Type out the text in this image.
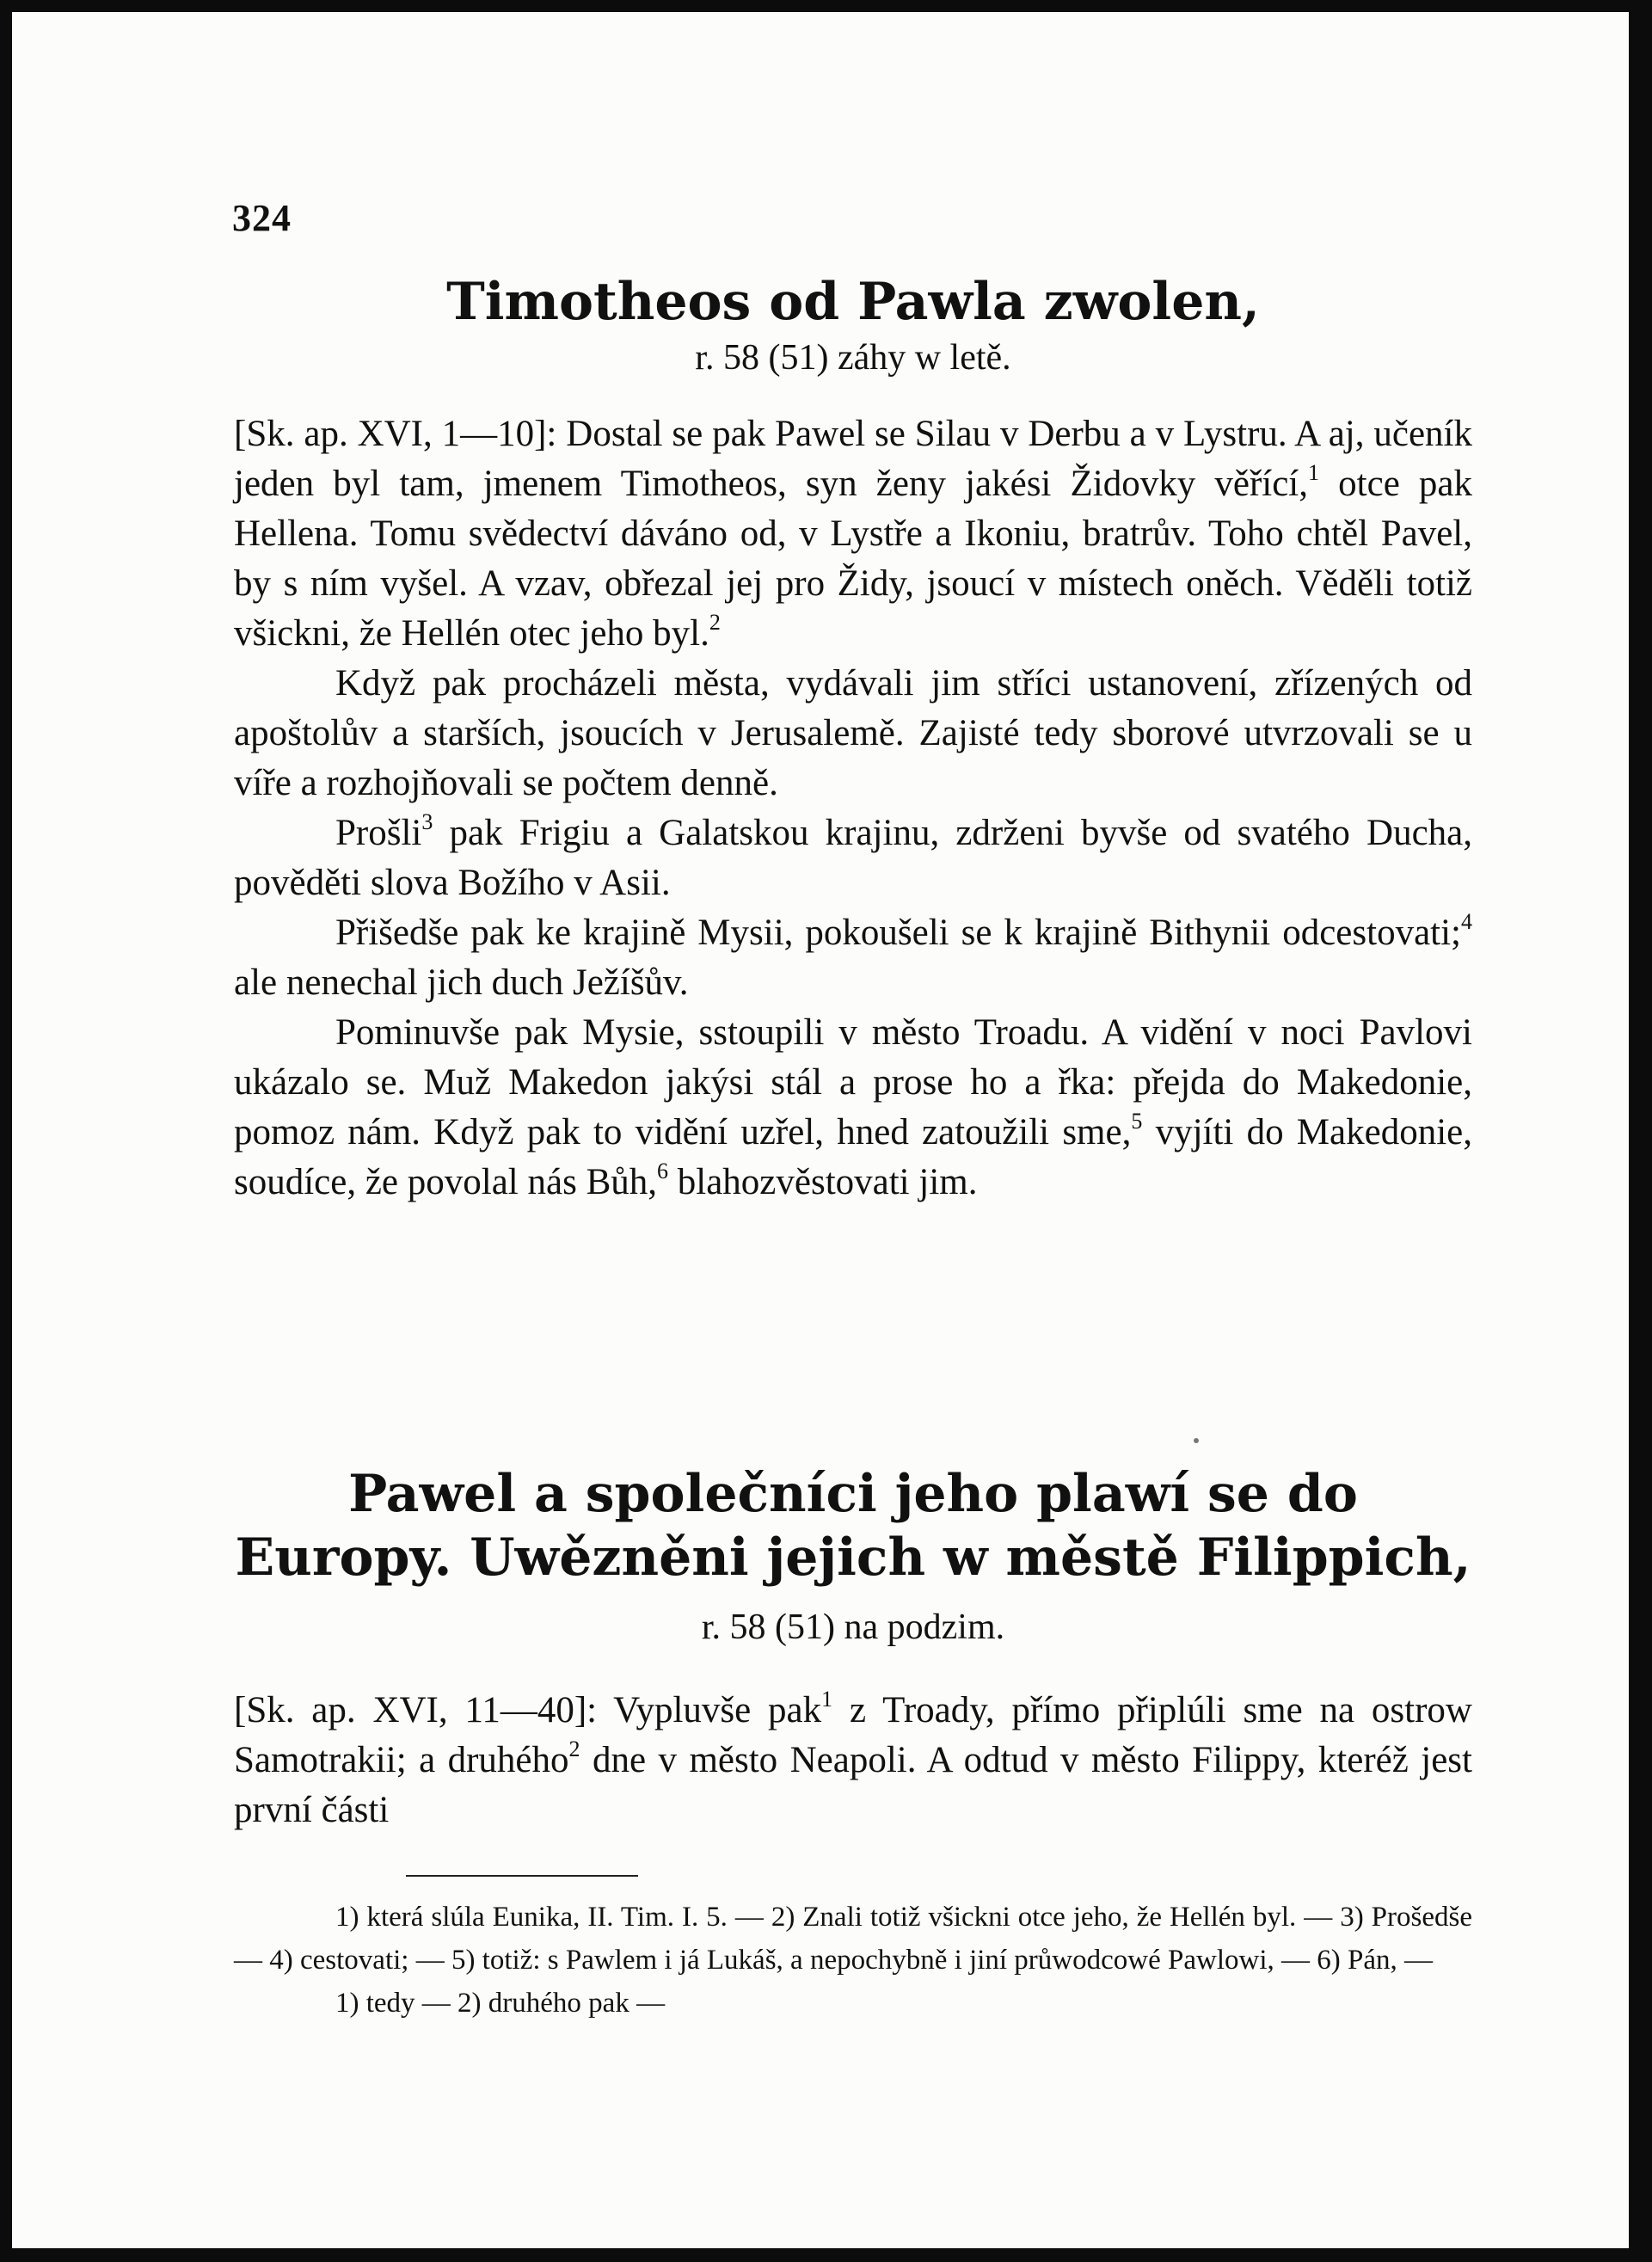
324
Timotheos od Pawla zwolen,
r. 58 (51) záhy w letě.

[Sk. ap. XVI, 1—10]: Dostal se pak Pawel se Silau v Derbu a v Lystru. A aj, učeník jeden byl tam, jmenem Timotheos, syn ženy jakési Židovky věřící,$^1$ otce pak Hellena. Tomu svědectví dáváno od, v Lystře a Ikoniu, bratrův. Toho chtěl Pavel, by s ním vyšel. A vzav, obřezal jej pro Židy, jsoucí v místech oněch. Věděli totiž všickni, že Hellén otec jeho byl.$^2$

Když pak procházeli města, vydávali jim stříci ustanovení, zřízených od apoštolův a starších, jsoucích v Jerusalemě. Zajisté tedy sborové utvrzovali se u víře a rozhojňovali se počtem denně.

Prošli$^3$ pak Frigiu a Galatskou krajinu, zdrženi byvše od svatého Ducha, pověděti slova Božího v Asii.

Přišedše pak ke krajině Mysii, pokoušeli se k krajině Bithynii odcestovati;$^4$ ale nenechal jich duch Ježíšův.

Pominuvše pak Mysie, sstoupili v město Troadu. A vidění v noci Pavlovi ukázalo se. Muž Makedon jakýsi stál a prose ho a řka: přejda do Makedonie, pomoz nám. Když pak to vidění uzřel, hned zatoužili sme,$^5$ vyjíti do Makedonie, soudíce, že povolal nás Bůh,$^6$ blahozvěstovati jim.

Pawel a společníci jeho plawí se do Europy. Uwězněni jejich w městě Filippich,
r. 58 (51) na podzim.

[Sk. ap. XVI, 11—40]: Vypluvše pak$^1$ z Troady, přímo připlúli sme na ostrow Samotrakii; a druhého$^2$ dne v město Neapoli. A odtud v město Filippy, kteréž jest první části

1) která slúla Eunika, II. Tim. I. 5. — 2) Znali totiž všickni otce jeho, že Hellén byl. — 3) Prošedše — 4) cestovati; — 5) totiž: s Pawlem i já Lukáš, a nepochybně i jiní průwodcowé Pawlowi, — 6) Pán, —
1) tedy — 2) druhého pak —
